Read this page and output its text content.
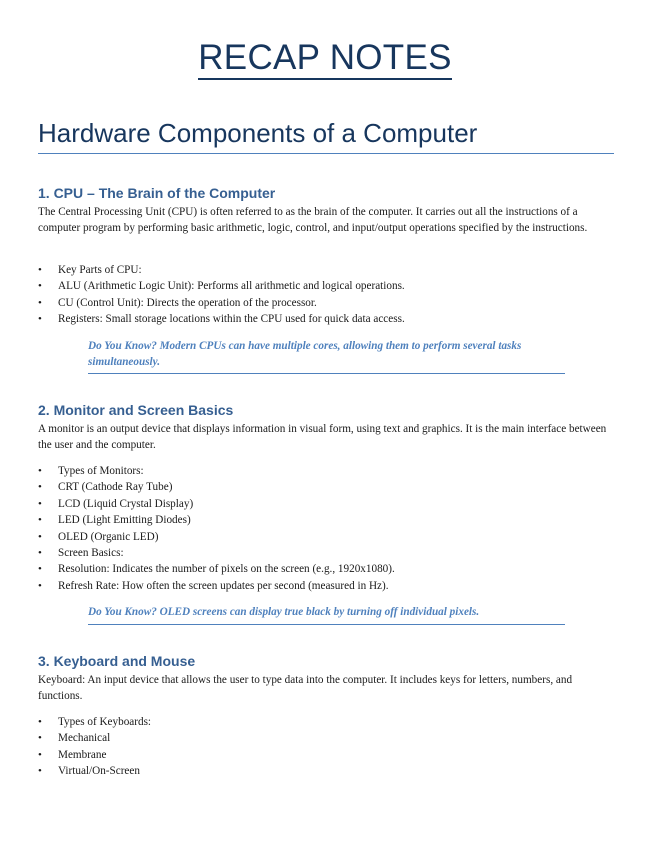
RECAP NOTES
Hardware Components of a Computer
1. CPU – The Brain of the Computer

The Central Processing Unit (CPU) is often referred to as the brain of the computer. It carries out all the instructions of a computer program by performing basic arithmetic, logic, control, and input/output operations specified by the instructions.

• Key Parts of CPU:
• ALU (Arithmetic Logic Unit): Performs all arithmetic and logical operations.
• CU (Control Unit): Directs the operation of the processor.
• Registers: Small storage locations within the CPU used for quick data access.

Do You Know? Modern CPUs can have multiple cores, allowing them to perform several tasks simultaneously.

2. Monitor and Screen Basics

A monitor is an output device that displays information in visual form, using text and graphics. It is the main interface between the user and the computer.

• Types of Monitors:
• CRT (Cathode Ray Tube)
• LCD (Liquid Crystal Display)
• LED (Light Emitting Diodes)
• OLED (Organic LED)
• Screen Basics:
• Resolution: Indicates the number of pixels on the screen (e.g., 1920x1080).
• Refresh Rate: How often the screen updates per second (measured in Hz).

Do You Know? OLED screens can display true black by turning off individual pixels.

3. Keyboard and Mouse

Keyboard: An input device that allows the user to type data into the computer. It includes keys for letters, numbers, and functions.

• Types of Keyboards:
• Mechanical
• Membrane
• Virtual/On-Screen
